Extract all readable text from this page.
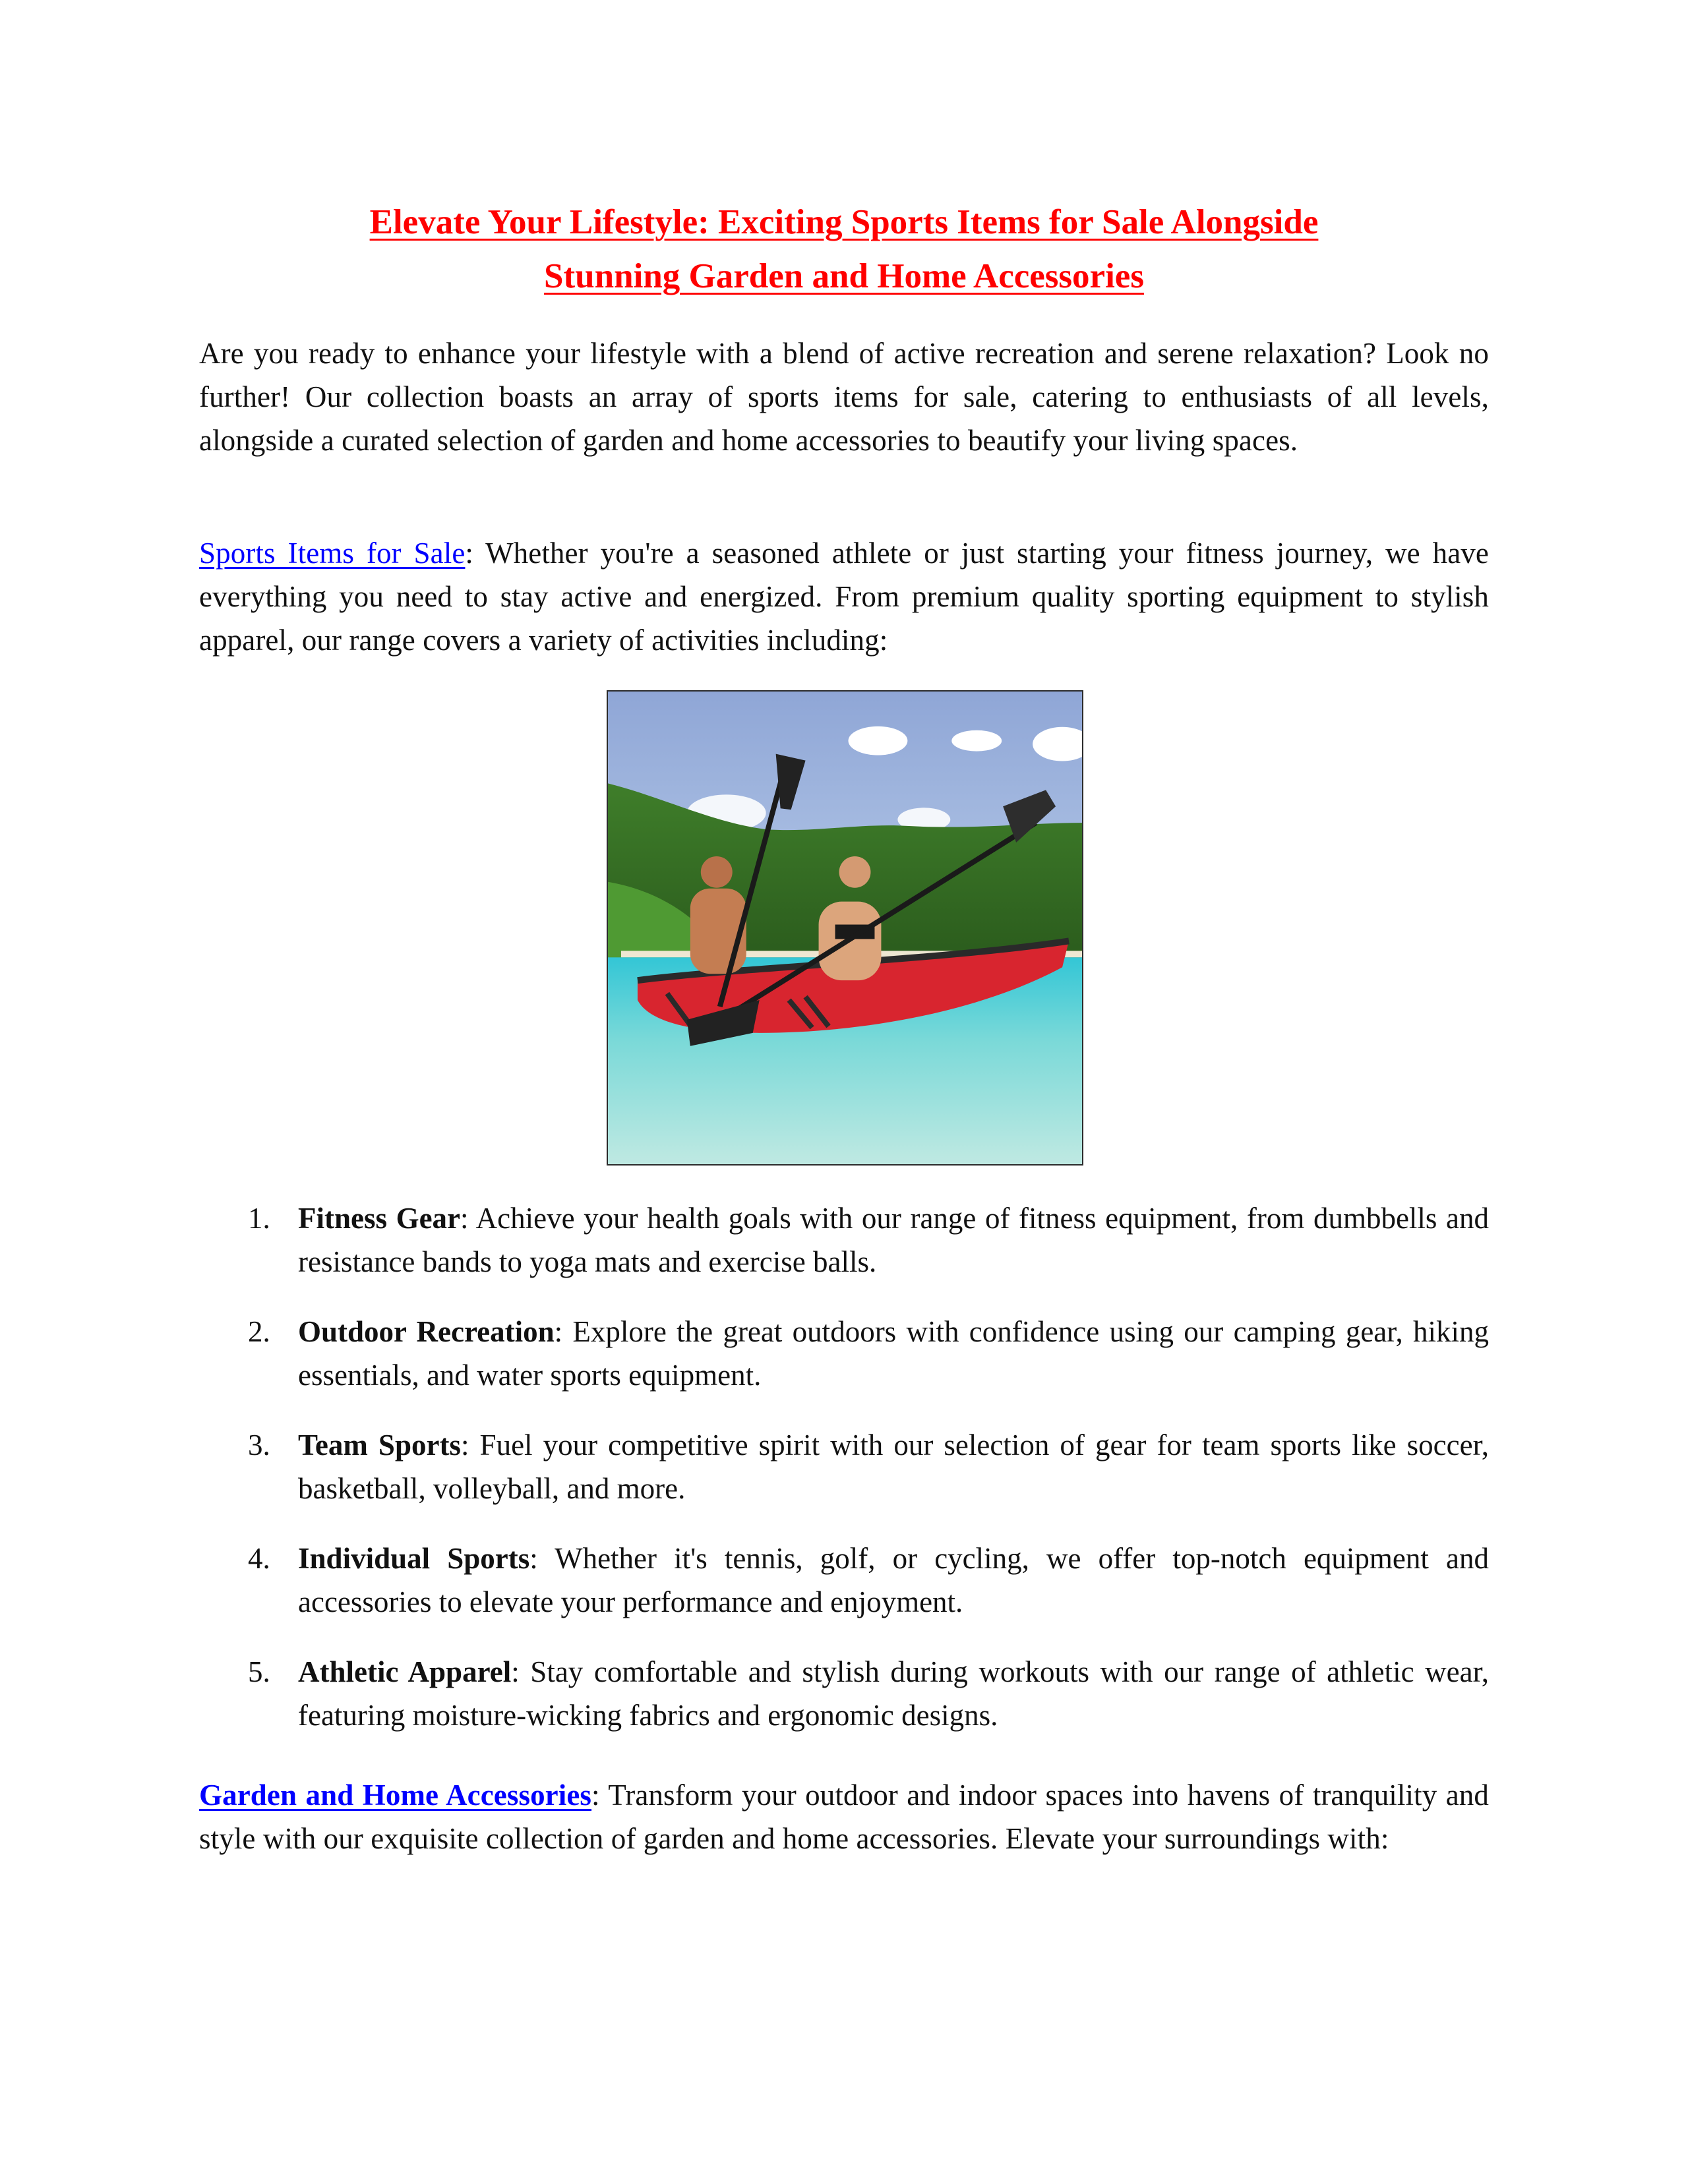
Elevate Your Lifestyle: Exciting Sports Items for Sale Alongside
Stunning Garden and Home Accessories

Are you ready to enhance your lifestyle with a blend of active recreation and serene relaxation? Look no further! Our collection boasts an array of sports items for sale, catering to enthusiasts of all levels, alongside a curated selection of garden and home accessories to beautify your living spaces.

Sports Items for Sale: Whether you're a seasoned athlete or just starting your fitness journey, we have everything you need to stay active and energized. From premium quality sporting equipment to stylish apparel, our range covers a variety of activities including:

1. Fitness Gear: Achieve your health goals with our range of fitness equipment, from dumbbells and resistance bands to yoga mats and exercise balls.
2. Outdoor Recreation: Explore the great outdoors with confidence using our camping gear, hiking essentials, and water sports equipment.
3. Team Sports: Fuel your competitive spirit with our selection of gear for team sports like soccer, basketball, volleyball, and more.
4. Individual Sports: Whether it's tennis, golf, or cycling, we offer top-notch equipment and accessories to elevate your performance and enjoyment.
5. Athletic Apparel: Stay comfortable and stylish during workouts with our range of athletic wear, featuring moisture-wicking fabrics and ergonomic designs.

Garden and Home Accessories: Transform your outdoor and indoor spaces into havens of tranquility and style with our exquisite collection of garden and home accessories. Elevate your surroundings with:
